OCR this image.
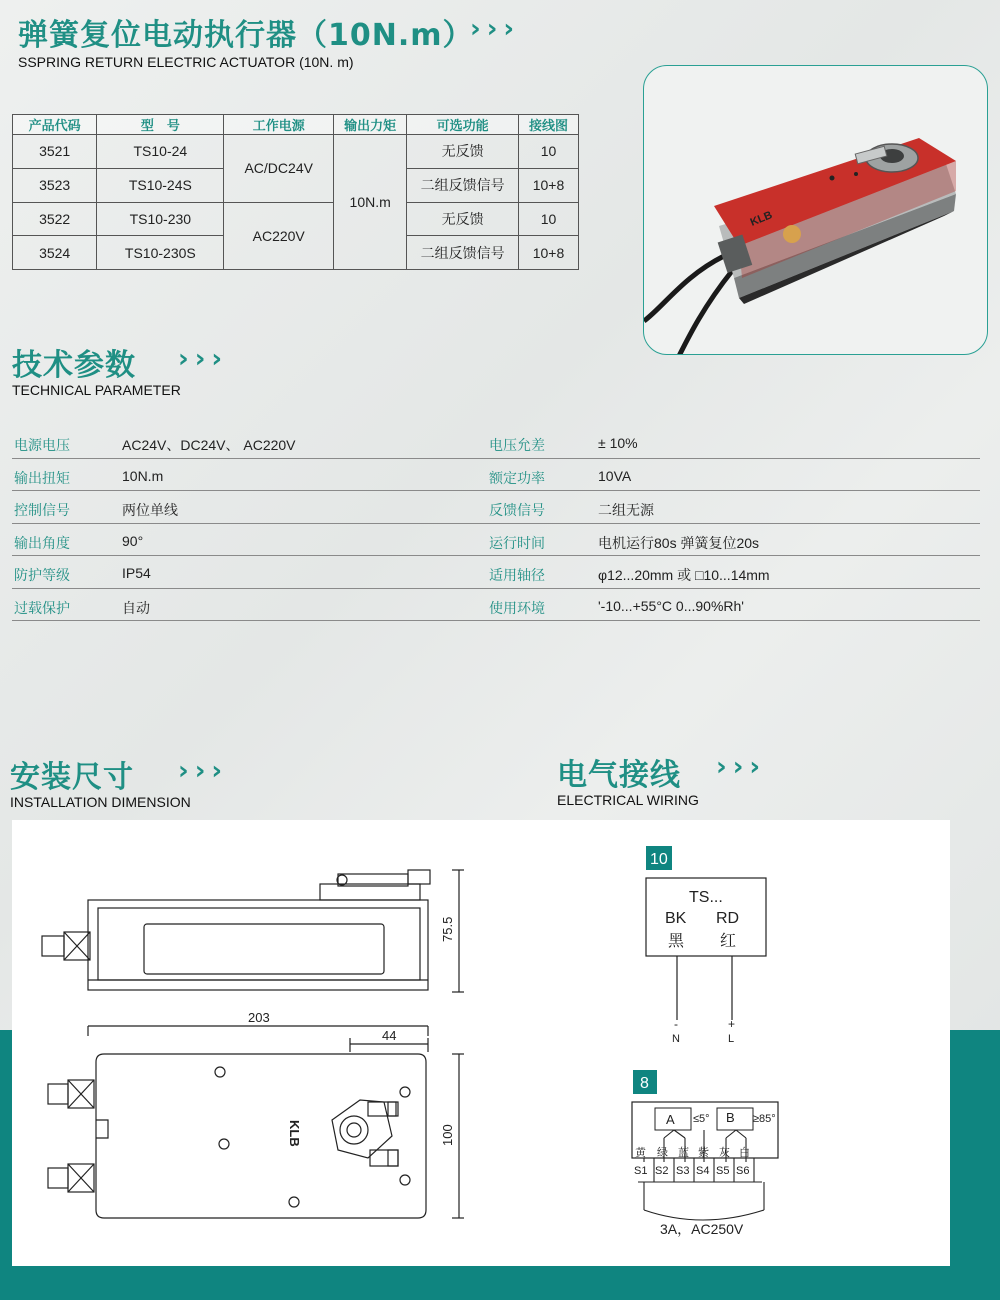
弹簧复位电动执行器（10N.m）
›››
SSPRING RETURN ELECTRIC ACTUATOR (10N. m)
产品代码	型　号	工作电源	输出力矩	可选功能	接线图
3521	TS10-24	AC/DC24V	10N.m	无反馈	10
3523	TS10-24S			二组反馈信号	10+8
3522	TS10-230	AC220V		无反馈	10
3524	TS10-230S			二组反馈信号	10+8
KLB
技术参数 ›››
TECHNICAL PARAMETER
电源电压	AC24V、DC24V、 AC220V	电压允差	± 10%
输出扭矩	10N.m	额定功率	10VA
控制信号	两位单线	反馈信号	二组无源
输出角度	90°	运行时间	电机运行80s 弹簧复位20s
防护等级	IP54	适用轴径	φ12...20mm 或 □10...14mm
过载保护	自动	使用环境	'-10...+55°C 0...90%Rh'
安装尺寸 ›››
INSTALLATION DIMENSION
电气接线 ›››
ELECTRICAL WIRING
75.5
203
44
100
KLB
10
TS...
BK RD
黑 红
-
N
+
L
8
A ≤5° B ≥85°
黄 绿 蓝 紫 灰 白
S1 S2 S3 S4 S5 S6
3A，AC250V
